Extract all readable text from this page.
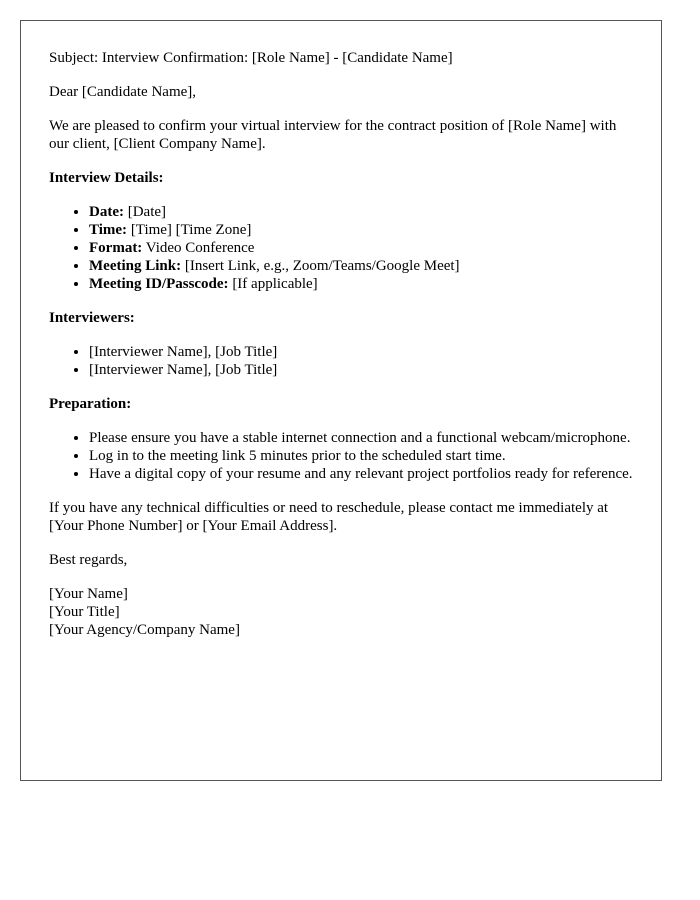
Subject: Interview Confirmation: [Role Name] - [Candidate Name]

Dear [Candidate Name],

We are pleased to confirm your virtual interview for the contract position of [Role Name] with our client, [Client Company Name].

Interview Details:

• Date: [Date]
• Time: [Time] [Time Zone]
• Format: Video Conference
• Meeting Link: [Insert Link, e.g., Zoom/Teams/Google Meet]
• Meeting ID/Passcode: [If applicable]

Interviewers:

• [Interviewer Name], [Job Title]
• [Interviewer Name], [Job Title]

Preparation:

• Please ensure you have a stable internet connection and a functional webcam/microphone.
• Log in to the meeting link 5 minutes prior to the scheduled start time.
• Have a digital copy of your resume and any relevant project portfolios ready for reference.

If you have any technical difficulties or need to reschedule, please contact me immediately at [Your Phone Number] or [Your Email Address].

Best regards,

[Your Name]
[Your Title]
[Your Agency/Company Name]
